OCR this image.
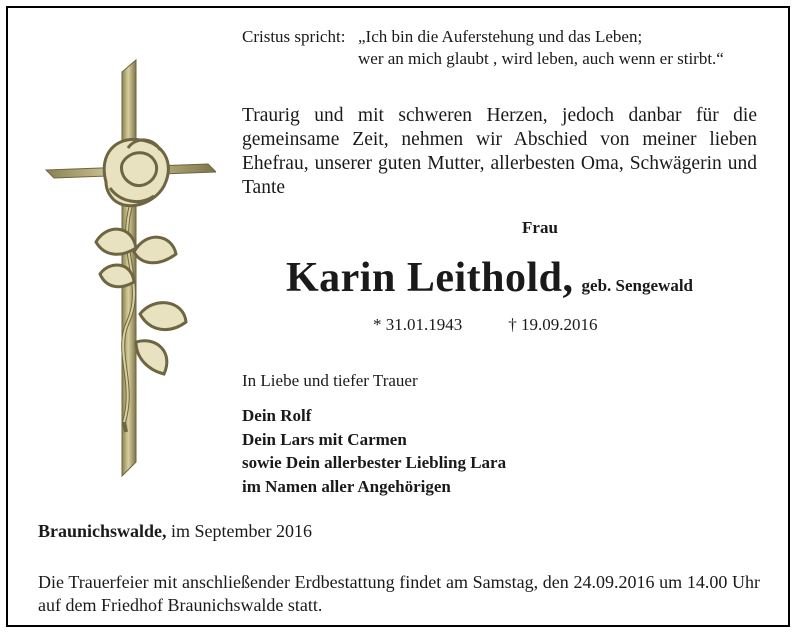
Cristus spricht: „Ich bin die Auferstehung und das Leben;
wer an mich glaubt , wird leben, auch wenn er stirbt.“
Traurig und mit schweren Herzen, jedoch danbar für die gemeinsame Zeit, nehmen wir Abschied von meiner lieben Ehefrau, unserer guten Mutter, allerbesten Oma, Schwägerin und Tante
Frau
Karin Leithold, geb. Sengewald
* 31.01.1943	† 19.09.2016
In Liebe und tiefer Trauer
Dein Rolf
Dein Lars mit Carmen
sowie Dein allerbester Liebling Lara
im Namen aller Angehörigen
Braunichswalde, im September 2016
Die Trauerfeier mit anschließender Erdbestattung findet am Samstag, den 24.09.2016 um 14.00 Uhr auf dem Friedhof Braunichswalde statt.
